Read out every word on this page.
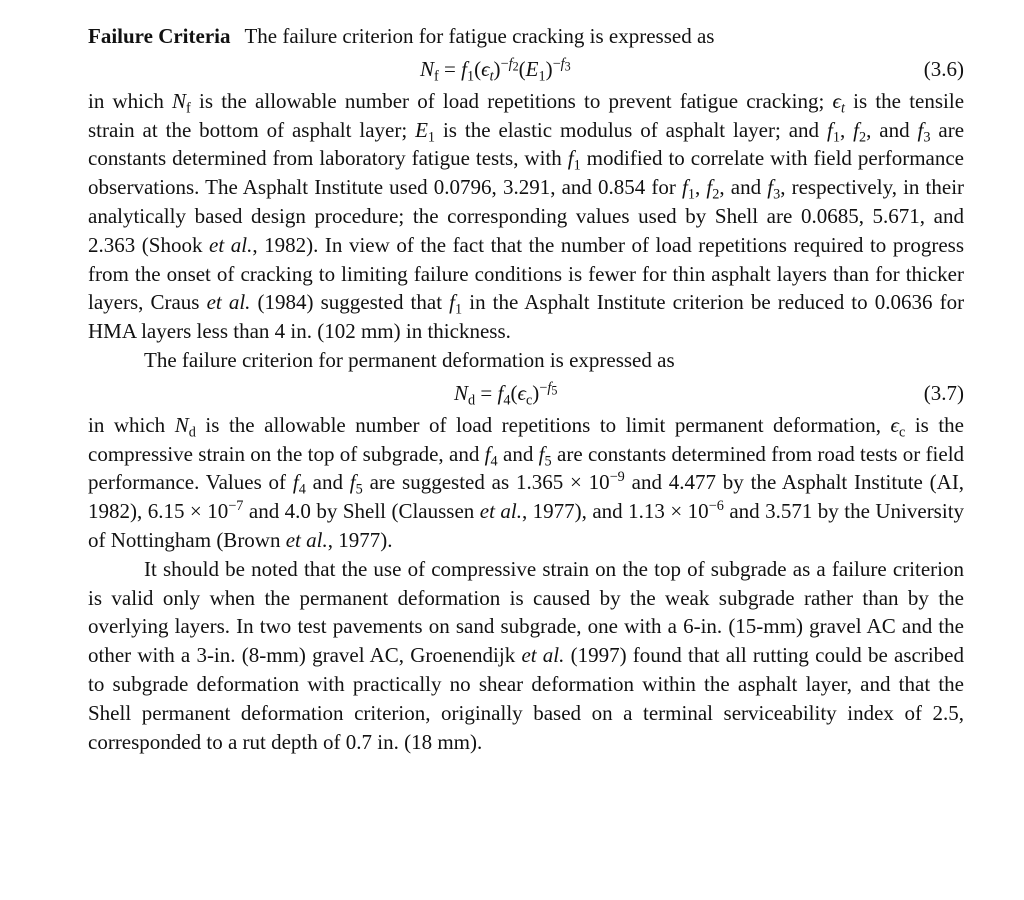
Failure Criteria The failure criterion for fatigue cracking is expressed as

$N_f = f_1(\epsilon_t)^{-f_2}(E_1)^{-f_3}$	(3.6)

in which $N_f$ is the allowable number of load repetitions to prevent fatigue cracking; $\epsilon_t$ is the tensile strain at the bottom of asphalt layer; $E_1$ is the elastic modulus of asphalt layer; and $f_1$, $f_2$, and $f_3$ are constants determined from laboratory fatigue tests, with $f_1$ modified to correlate with field performance observations. The Asphalt Institute used 0.0796, 3.291, and 0.854 for $f_1$, $f_2$, and $f_3$, respectively, in their analytically based design procedure; the corresponding values used by Shell are 0.0685, 5.671, and 2.363 (Shook et al., 1982). In view of the fact that the number of load repetitions required to progress from the onset of cracking to limiting failure conditions is fewer for thin asphalt layers than for thicker layers, Craus et al. (1984) suggested that $f_1$ in the Asphalt Institute criterion be reduced to 0.0636 for HMA layers less than 4 in. (102 mm) in thickness.

The failure criterion for permanent deformation is expressed as

$N_d = f_4(\epsilon_c)^{-f_5}$	(3.7)

in which $N_d$ is the allowable number of load repetitions to limit permanent deformation, $\epsilon_c$ is the compressive strain on the top of subgrade, and $f_4$ and $f_5$ are constants determined from road tests or field performance. Values of $f_4$ and $f_5$ are suggested as $1.365 \times 10^{-9}$ and 4.477 by the Asphalt Institute (AI, 1982), $6.15 \times 10^{-7}$ and 4.0 by Shell (Claussen et al., 1977), and $1.13 \times 10^{-6}$ and 3.571 by the University of Nottingham (Brown et al., 1977).

It should be noted that the use of compressive strain on the top of subgrade as a failure criterion is valid only when the permanent deformation is caused by the weak subgrade rather than by the overlying layers. In two test pavements on sand subgrade, one with a 6-in. (15-mm) gravel AC and the other with a 3-in. (8-mm) gravel AC, Groenendijk et al. (1997) found that all rutting could be ascribed to subgrade deformation with practically no shear deformation within the asphalt layer, and that the Shell permanent deformation criterion, originally based on a terminal serviceability index of 2.5, corresponded to a rut depth of 0.7 in. (18 mm).
